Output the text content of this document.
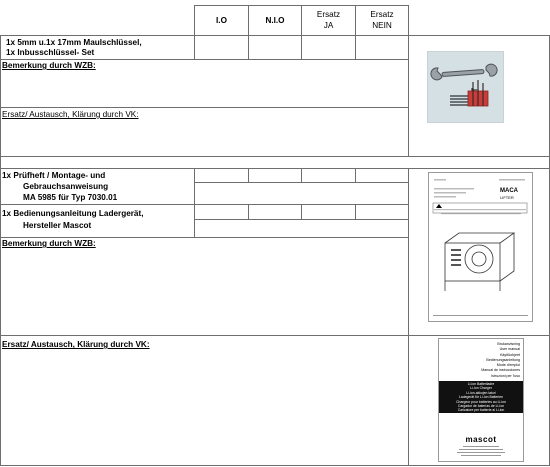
I.O	N.I.O
Ersatz
JA
Ersatz
NEIN
1x 5mm u.1x 17mm Maulschlüssel,
1x Inbusschlüssel- Set
Bemerkung durch WZB:
Ersatz/ Austausch, Klärung durch VK:
1x Prüfheft / Montage- und
Gebrauchsanweisung
MA 5985 für Typ 7030.01
1x Bedienungsanleitung Ladergerät,
Hersteller Mascot
Bemerkung durch WZB:
Ersatz/ Austausch, Klärung durch VK:
MACA
LIFTER
Brukanvisning
User manual
Käyttöohjeet
Bedienungsanleitung
Mode d'emploi
Manual de instrucciones
Istruzioni per l'uso
Li-ion Batteriladre
Li-Ion Charger
Li-ion-akkujen laturi
Ladegerät für Li-Ion Batterien
Chargeur pour batteries au Li-ion
Cargador de baterías de Li-Ion
Caricatore per batterie al Li-ion
mascot
